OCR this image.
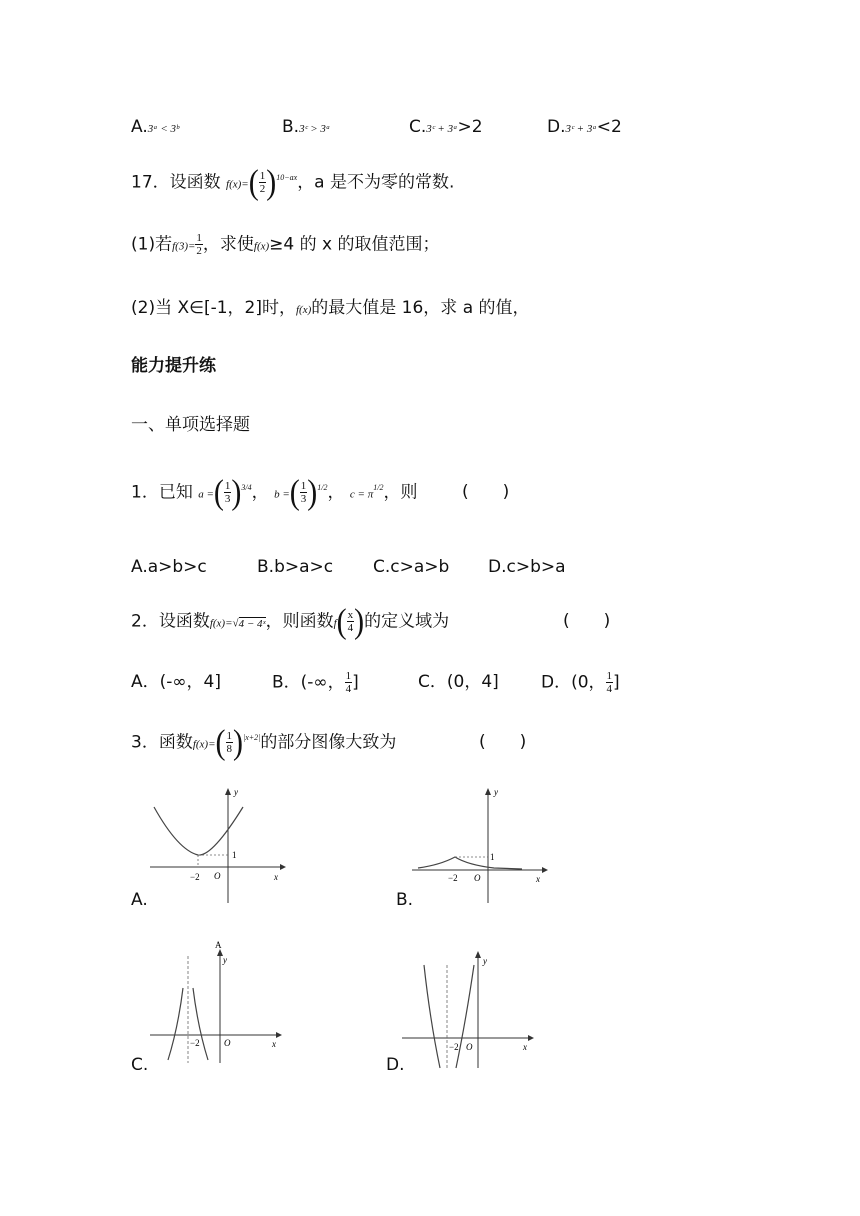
A.3ᵃ < 3ᵇ	B.3ᶜ > 3ᵃ	C.3ᶜ + 3ᵃ>2	D.3ᶜ + 3ᵃ<2
17．设函数 $f(x)=( \frac{1}{2} )^{10-ax}$，a 是不为零的常数.
(1)若$f(3)= \frac{1}{2}$ ，求使f(x)≥4 的 x 的取值范围；
(2)当 X∈[-1，2]时，f(x)的最大值是 16，求 a 的值，
能力提升练
一、单项选择题
1．已知 a =( $\frac{1}{3} )^{3/4}$， b =( $\frac{1}{3} )^{1/2}$， $c = \pi^{1/2}$，则	(　　)
A.a>b>c	B.b>a>c C.c>a>b D.c>b>a
2．设函数f(x)=√4 − 4ˣ，则函数$f( \frac{x}{4}$ )的定义域为	(　　)
A．(-∞，4]	B．(-∞， $\frac{1}{4}$ ]	C．(0，4] D．(0， $\frac{1}{4}$ ]
3．函数$f(x)=( \frac{1}{8} )^{|x+2|}$的部分图像大致为	(　　)
y
x
O
−2
1
A.
y
x
O
−2
1
B.
y
A
x
O
−2
C.
y
x
O
−2
D.
